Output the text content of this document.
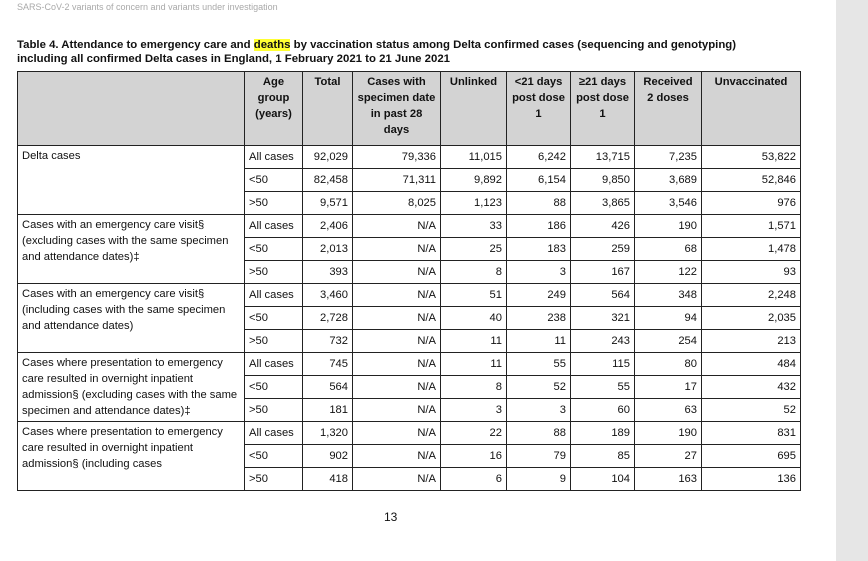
SARS-CoV-2 variants of concern and variants under investigation
Table 4. Attendance to emergency care and deaths by vaccination status among Delta confirmed cases (sequencing and genotyping) including all confirmed Delta cases in England, 1 February 2021 to 21 June 2021
	Age group (years)	Total	Cases with specimen date in past 28 days	Unlinked	<21 days post dose 1	≥21 days post dose 1	Received 2 doses	Unvaccinated
Delta cases	All cases	92,029	79,336	11,015	6,242	13,715	7,235	53,822
	<50	82,458	71,311	9,892	6,154	9,850	3,689	52,846
	>50	9,571	8,025	1,123	88	3,865	3,546	976
Cases with an emergency care visit§ (excluding cases with the same specimen and attendance dates)‡	All cases	2,406	N/A	33	186	426	190	1,571
	<50	2,013	N/A	25	183	259	68	1,478
	>50	393	N/A	8	3	167	122	93
Cases with an emergency care visit§ (including cases with the same specimen and attendance dates)	All cases	3,460	N/A	51	249	564	348	2,248
	<50	2,728	N/A	40	238	321	94	2,035
	>50	732	N/A	11	11	243	254	213
Cases where presentation to emergency care resulted in overnight inpatient admission§ (excluding cases with the same specimen and attendance dates)‡	All cases	745	N/A	11	55	115	80	484
	<50	564	N/A	8	52	55	17	432
	>50	181	N/A	3	3	60	63	52
Cases where presentation to emergency care resulted in overnight inpatient admission§ (including cases	All cases	1,320	N/A	22	88	189	190	831
	<50	902	N/A	16	79	85	27	695
	>50	418	N/A	6	9	104	163	136
13
